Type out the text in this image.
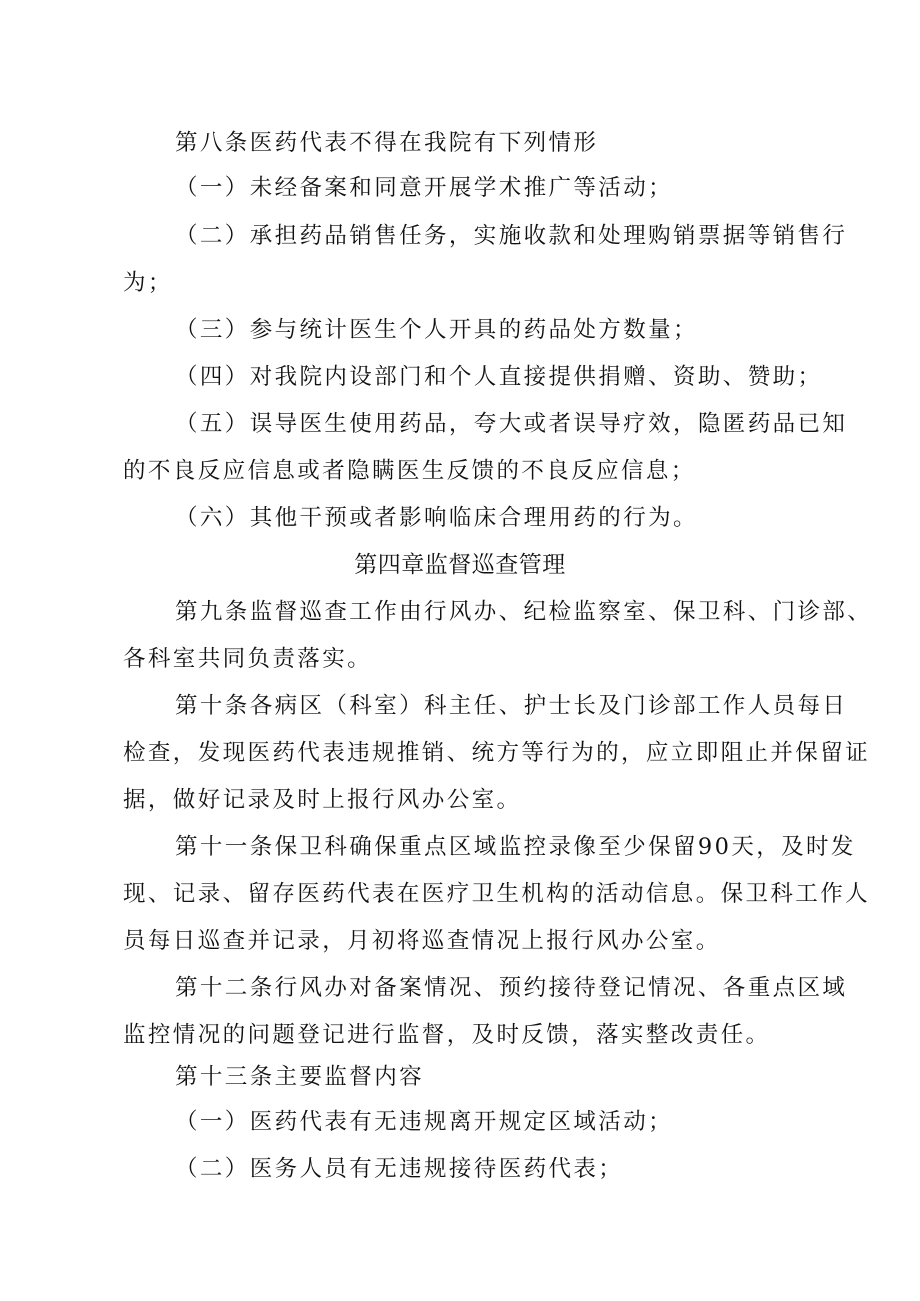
第八条医药代表不得在我院有下列情形
（一）未经备案和同意开展学术推广等活动；
（二）承担药品销售任务，实施收款和处理购销票据等销售行
为；
（三）参与统计医生个人开具的药品处方数量；
（四）对我院内设部门和个人直接提供捐赠、资助、赞助；
（五）误导医生使用药品，夸大或者误导疗效，隐匿药品已知
的不良反应信息或者隐瞒医生反馈的不良反应信息；
（六）其他干预或者影响临床合理用药的行为。
第四章监督巡查管理
第九条监督巡查工作由行风办、纪检监察室、保卫科、门诊部、
各科室共同负责落实。
第十条各病区（科室）科主任、护士长及门诊部工作人员每日
检查，发现医药代表违规推销、统方等行为的，应立即阻止并保留证
据，做好记录及时上报行风办公室。
第十一条保卫科确保重点区域监控录像至少保留90天，及时发
现、记录、留存医药代表在医疗卫生机构的活动信息。保卫科工作人
员每日巡查并记录，月初将巡查情况上报行风办公室。
第十二条行风办对备案情况、预约接待登记情况、各重点区域
监控情况的问题登记进行监督，及时反馈，落实整改责任。
第十三条主要监督内容
（一）医药代表有无违规离开规定区域活动；
（二）医务人员有无违规接待医药代表；
